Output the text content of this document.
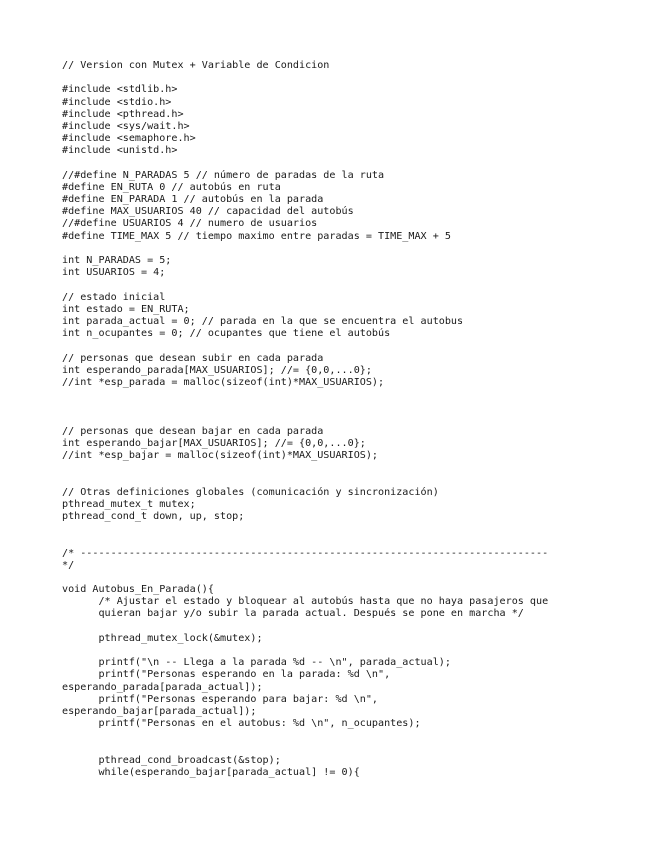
// Version con Mutex + Variable de Condicion
#include <stdlib.h>
#include <stdio.h>
#include <pthread.h>
#include <sys/wait.h>
#include <semaphore.h>
#include <unistd.h>
//#define N_PARADAS 5 // número de paradas de la ruta
#define EN_RUTA 0 // autobús en ruta
#define EN_PARADA 1 // autobús en la parada
#define MAX_USUARIOS 40 // capacidad del autobús
//#define USUARIOS 4 // numero de usuarios
#define TIME_MAX 5 // tiempo maximo entre paradas = TIME_MAX + 5
int N_PARADAS = 5;
int USUARIOS = 4;
// estado inicial
int estado = EN_RUTA;
int parada_actual = 0; // parada en la que se encuentra el autobus
int n_ocupantes = 0; // ocupantes que tiene el autobús
// personas que desean subir en cada parada
int esperando_parada[MAX_USUARIOS]; //= {0,0,...0};
//int *esp_parada = malloc(sizeof(int)*MAX_USUARIOS);
// personas que desean bajar en cada parada
int esperando_bajar[MAX_USUARIOS]; //= {0,0,...0};
//int *esp_bajar = malloc(sizeof(int)*MAX_USUARIOS);
// Otras definiciones globales (comunicación y sincronización)
pthread_mutex_t mutex;
pthread_cond_t down, up, stop;
/* -----------------------------------------------------------------------------
*/
void Autobus_En_Parada(){
/* Ajustar el estado y bloquear al autobús hasta que no haya pasajeros que
quieran bajar y/o subir la parada actual. Después se pone en marcha */
pthread_mutex_lock(&mutex);
printf("\n -- Llega a la parada %d -- \n", parada_actual);
printf("Personas esperando en la parada: %d \n",
esperando_parada[parada_actual]);
printf("Personas esperando para bajar: %d \n",
esperando_bajar[parada_actual]);
printf("Personas en el autobus: %d \n", n_ocupantes);
pthread_cond_broadcast(&stop);
while(esperando_bajar[parada_actual] != 0){
